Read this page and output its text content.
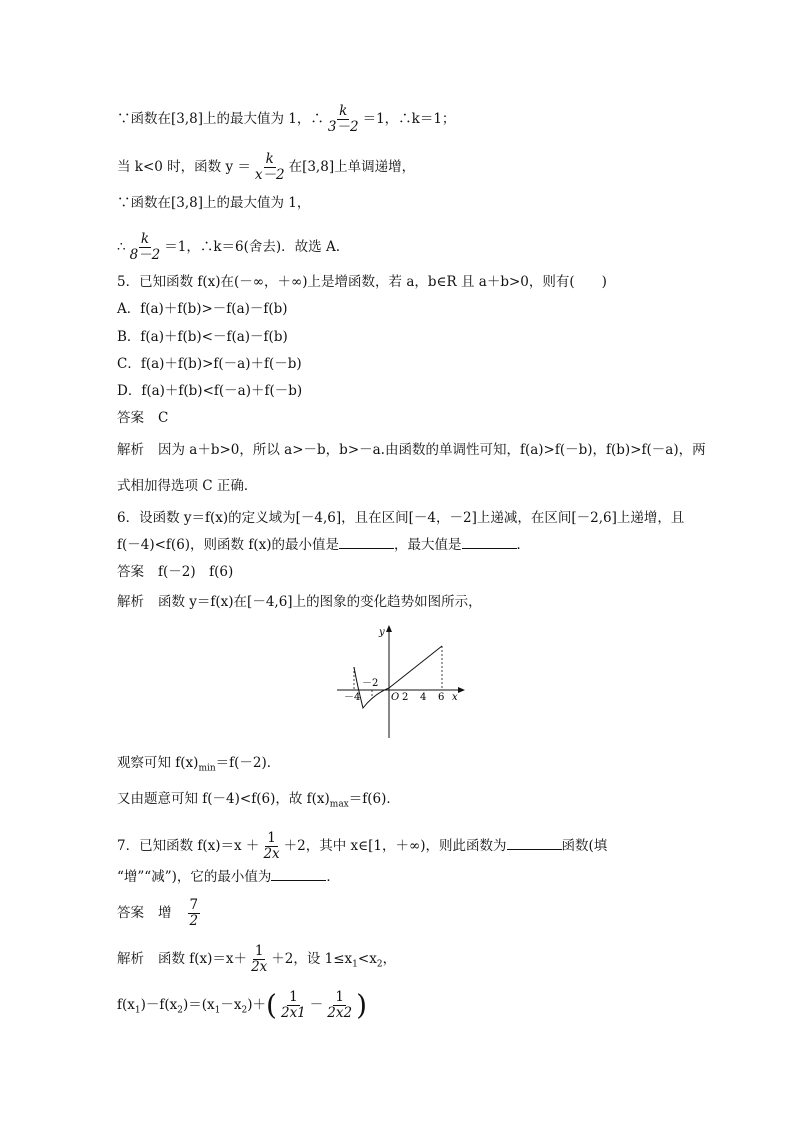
∵函数在[3,8]上的最大值为 1，∴ $\frac{k}{3-2} =1$，∴k＝1；
当 k<0 时，函数 $y = \frac{k}{x-2}$ 在[3,8]上单调递增，
∵函数在[3,8]上的最大值为 1，
∴ $\frac{k}{8-2} =1$，∴k＝6(舍去)．故选 A.
5．已知函数 f(x)在(－∞，＋∞)上是增函数，若 a，b∈R 且 a＋b>0，则有(　　)
A．f(a)＋f(b)>－f(a)－f(b)
B．f(a)＋f(b)<－f(a)－f(b)
C．f(a)＋f(b)>f(－a)＋f(－b)
D．f(a)＋f(b)<f(－a)＋f(－b)
答案 C
解析 因为 a＋b>0，所以 a>－b，b>－a.由函数的单调性可知，f(a)>f(－b)，f(b)>f(－a)，两
式相加得选项 C 正确．
6．设函数 y＝f(x)的定义域为[－4,6]，且在区间[－4，－2]上递减，在区间[－2,6]上递增，且
f(－4)<f(6)，则函数 f(x)的最小值是	，最大值是	．
答案 f(－2)　f(6)
解析 函数 y＝f(x)在[－4,6]上的图象的变化趋势如图所示，
y
x
O
－4
－2
2 4 6
观察可知 $f(x)_{min}=f(-2)$．
又由题意可知 f(－4)<f(6)，故 $f(x)_{max}=f(6)$．
7．已知函数 $f(x)=x + \frac{1}{2x} +2$，其中 x∈[1，＋∞)，则此函数为	函数(填
“增”“减”)，它的最小值为	．
答案 增 $\frac{7}{2}$
解析 函数 $f(x)=x+ \frac{1}{2x} +2$，设 $1\le x_1<x_2$，
$f(x_1)-f(x_2)=(x_1-x_2)+( \frac{1}{2x1} - \frac{1}{2x2}$ )
